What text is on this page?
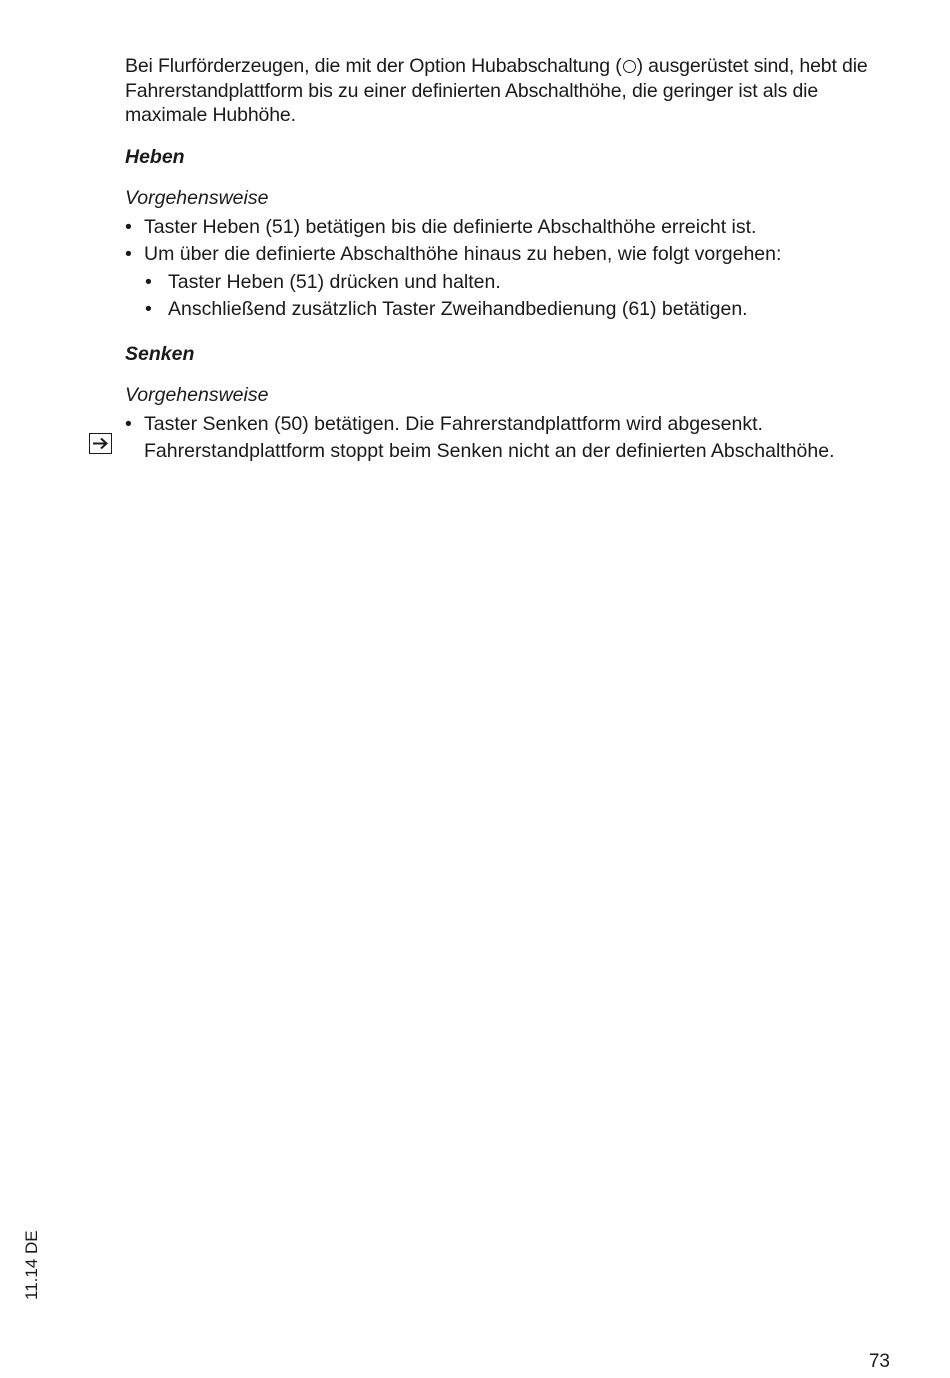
Bei Flurförderzeugen, die mit der Option Hubabschaltung ( ) ausgerüstet sind, hebt die Fahrerstandplattform bis zu einer definierten Abschalthöhe, die geringer ist als die maximale Hubhöhe.

Heben
Vorgehensweise
• Taster Heben (51) betätigen bis die definierte Abschalthöhe erreicht ist.
• Um über die definierte Abschalthöhe hinaus zu heben, wie folgt vorgehen:
• Taster Heben (51) drücken und halten.
• Anschließend zusätzlich Taster Zweihandbedienung (61) betätigen.
Senken
Vorgehensweise
• Taster Senken (50) betätigen. Die Fahrerstandplattform wird abgesenkt.
Fahrerstandplattform stoppt beim Senken nicht an der definierten Abschalthöhe.
11.14 DE
73
